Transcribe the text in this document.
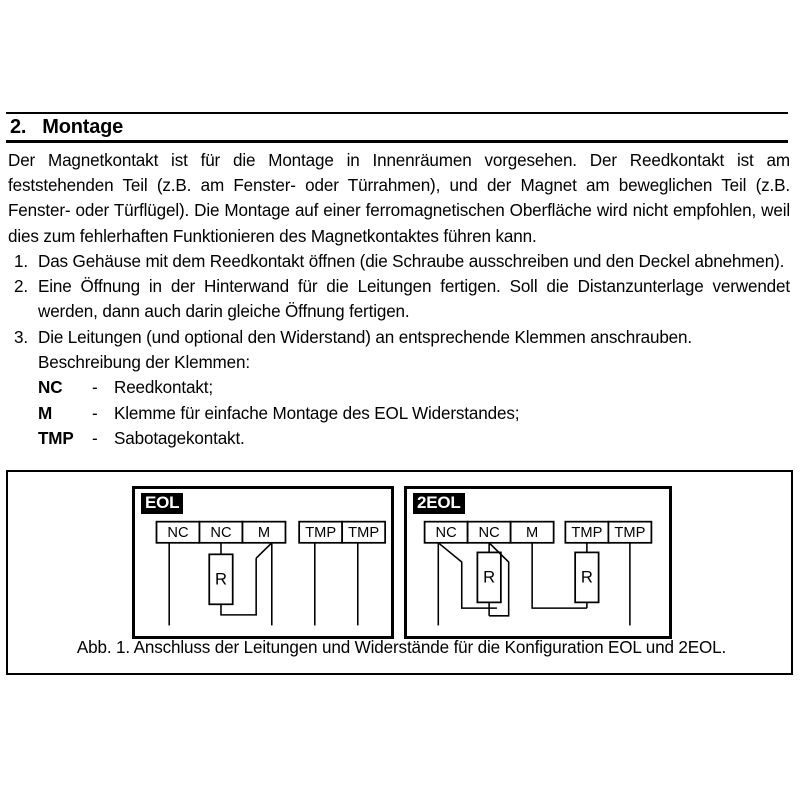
2. Montage
Der Magnetkontakt ist für die Montage in Innenräumen vorgesehen. Der Reedkontakt ist am feststehenden Teil (z.B. am Fenster- oder Türrahmen), und der Magnet am beweglichen Teil (z.B. Fenster- oder Türflügel). Die Montage auf einer ferromagnetischen Oberfläche wird nicht empfohlen, weil dies zum fehlerhaften Funktionieren des Magnetkontaktes führen kann.
1. Das Gehäuse mit dem Reedkontakt öffnen (die Schraube ausschreiben und den Deckel abnehmen).
2. Eine Öffnung in der Hinterwand für die Leitungen fertigen. Soll die Distanzunterlage verwendet werden, dann auch darin gleiche Öffnung fertigen.
3. Die Leitungen (und optional den Widerstand) an entsprechende Klemmen anschrauben.
Beschreibung der Klemmen:
NC	- Reedkontakt;
M	- Klemme für einfache Montage des EOL Widerstandes;
TMP	- Sabotagekontakt.
EOL
NC NC M TMP TMP
R
2EOL
NC NC M TMP TMP
R	R
Abb. 1. Anschluss der Leitungen und Widerstände für die Konfiguration EOL und 2EOL.
